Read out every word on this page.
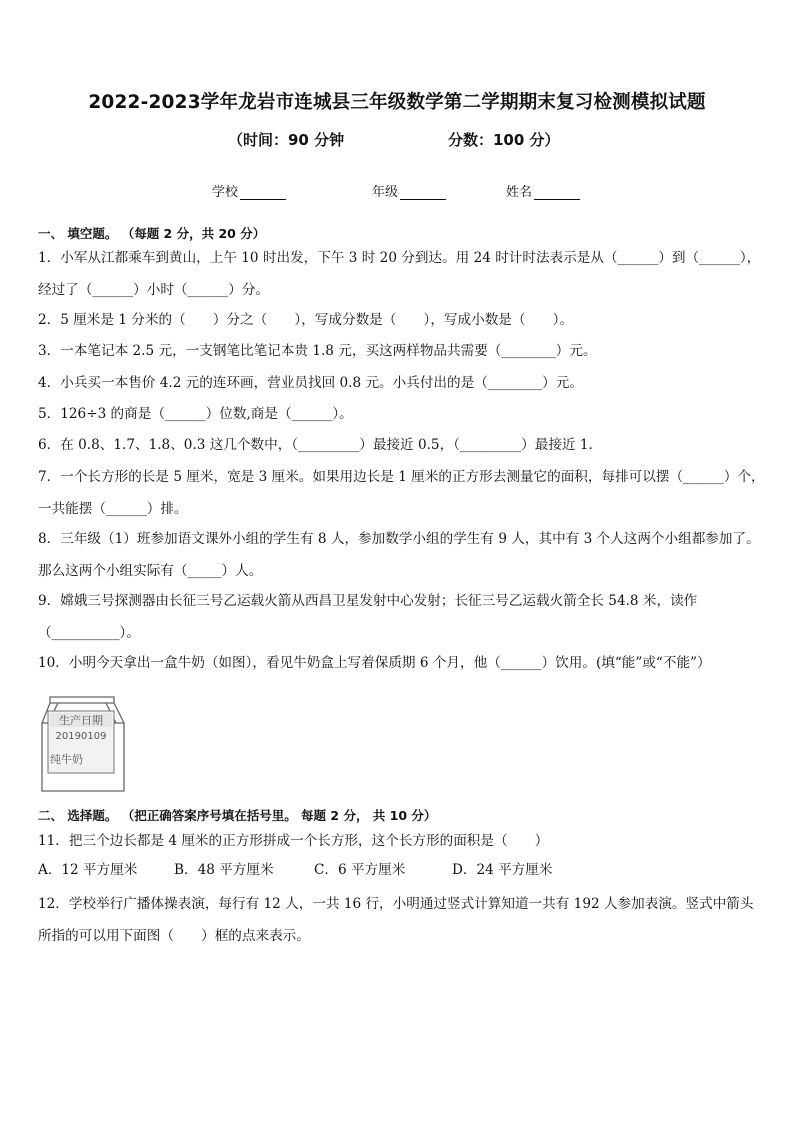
2022-2023学年龙岩市连城县三年级数学第二学期期末复习检测模拟试题
（时间：90 分钟	分数：100 分）
学校	年级	姓名
一、 填空题。 （每题 2 分，共 20 分）
1．小军从江都乘车到黄山，上午 10 时出发，下午 3 时 20 分到达。用 24 时计时法表示是从（______）到（______），
经过了（______）小时（______）分。
2．5 厘米是 1 分米的（　　）分之（　　），写成分数是（　　），写成小数是（　　）。
3．一本笔记本 2.5 元，一支钢笔比笔记本贵 1.8 元，买这两样物品共需要（________）元。
4．小兵买一本售价 4.2 元的连环画，营业员找回 0.8 元。小兵付出的是（________）元。
5．126÷3 的商是（______）位数,商是（______）。
6．在 0.8、1.7、1.8、0.3 这几个数中，（_________）最接近 0.5，（_________）最接近 1．
7．一个长方形的长是 5 厘米，宽是 3 厘米。如果用边长是 1 厘米的正方形去测量它的面积，每排可以摆（______）个，
一共能摆（______）排。
8．三年级（1）班参加语文课外小组的学生有 8 人，参加数学小组的学生有 9 人，其中有 3 个人这两个小组都参加了。
那么这两个小组实际有（_____）人。
9．嫦娥三号探测器由长征三号乙运载火箭从西昌卫星发射中心发射；长征三号乙运载火箭全长 54.8 米，读作
（__________）。
10．小明今天拿出一盒牛奶（如图），看见牛奶盒上写着保质期 6 个月，他（______）饮用。(填“能”或“不能”）
生产日期
20190109
纯牛奶
二、 选择题。 （把正确答案序号填在括号里。 每题 2 分， 共 10 分）
11．把三个边长都是 4 厘米的正方形拼成一个长方形，这个长方形的面积是（　　）
A．12 平方厘米	B．48 平方厘米	C．6 平方厘米	D．24 平方厘米
12．学校举行广播体操表演，每行有 12 人，一共 16 行，小明通过竖式计算知道一共有 192 人参加表演。竖式中箭头
所指的可以用下面图（　　）框的点来表示。
